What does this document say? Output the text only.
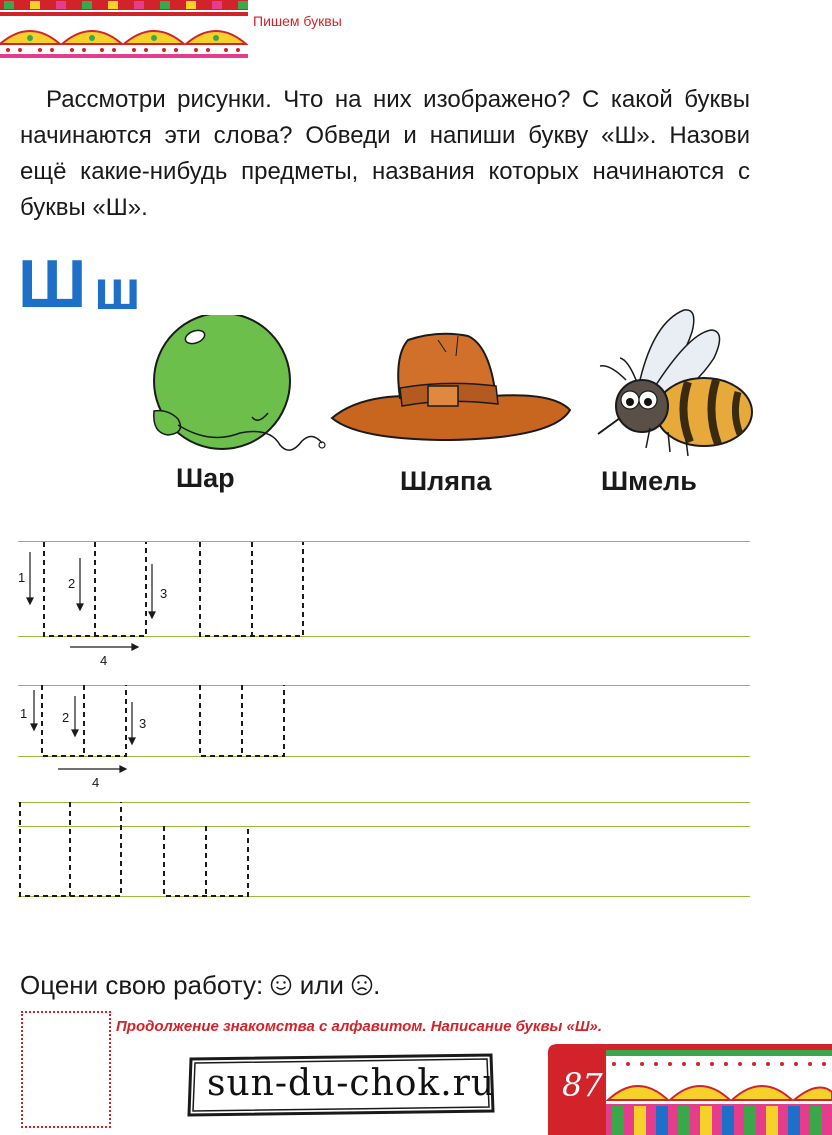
Пишем буквы

Рассмотри рисунки. Что на них изображено? С какой буквы начинаются эти слова? Обведи и напиши букву «Ш». Назови ещё какие-нибудь предметы, названия которых начинаются с буквы «Ш».

Ш ш
Шар	Шляпа	Шмель
1	2
3
4
1	2	3
4
Оцени свою работу: или .
Продолжение знакомства с алфавитом. Написание буквы «Ш».
sun-du-chok.ru 87
